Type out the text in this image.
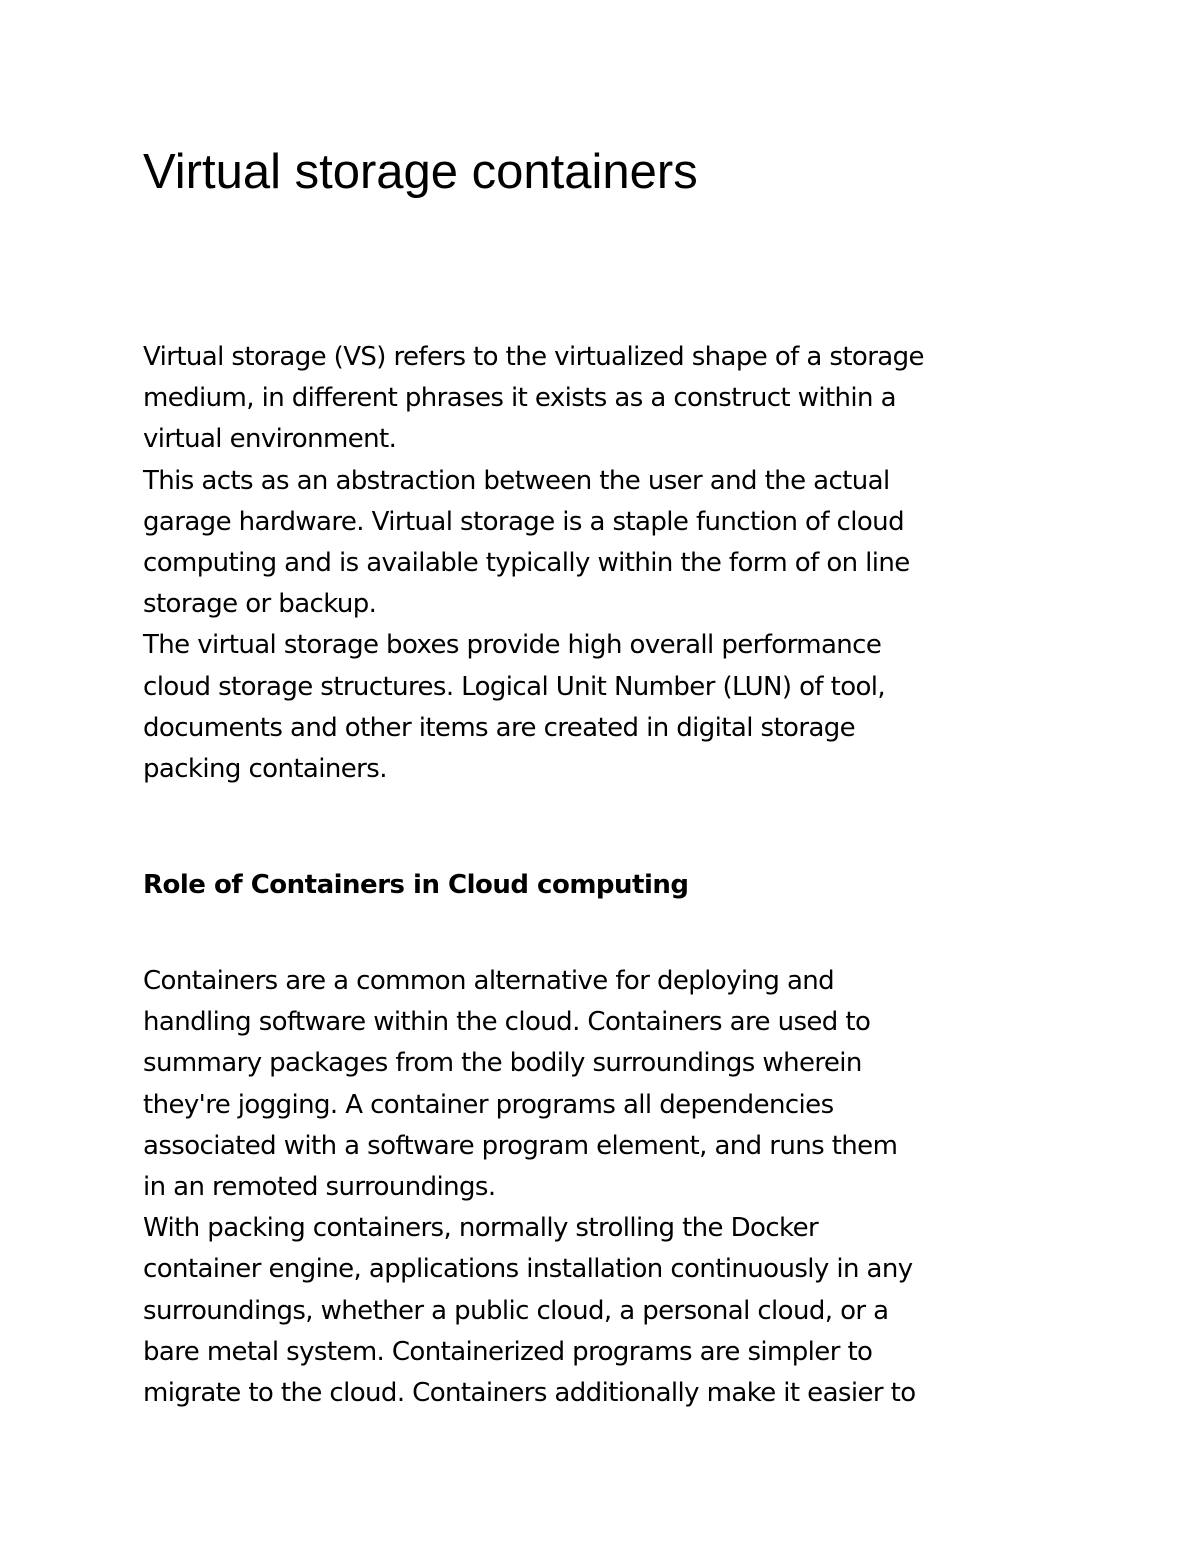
Virtual storage containers
Virtual storage (VS) refers to the virtualized shape of a storage
medium, in different phrases it exists as a construct within a
virtual environment.
This acts as an abstraction between the user and the actual
garage hardware. Virtual storage is a staple function of cloud
computing and is available typically within the form of on line
storage or backup.
The virtual storage boxes provide high overall performance
cloud storage structures. Logical Unit Number (LUN) of tool,
documents and other items are created in digital storage
packing containers.
Role of Containers in Cloud computing
Containers are a common alternative for deploying and
handling software within the cloud. Containers are used to
summary packages from the bodily surroundings wherein
they're jogging. A container programs all dependencies
associated with a software program element, and runs them
in an remoted surroundings.
With packing containers, normally strolling the Docker
container engine, applications installation continuously in any
surroundings, whether a public cloud, a personal cloud, or a
bare metal system. Containerized programs are simpler to
migrate to the cloud. Containers additionally make it easier to
